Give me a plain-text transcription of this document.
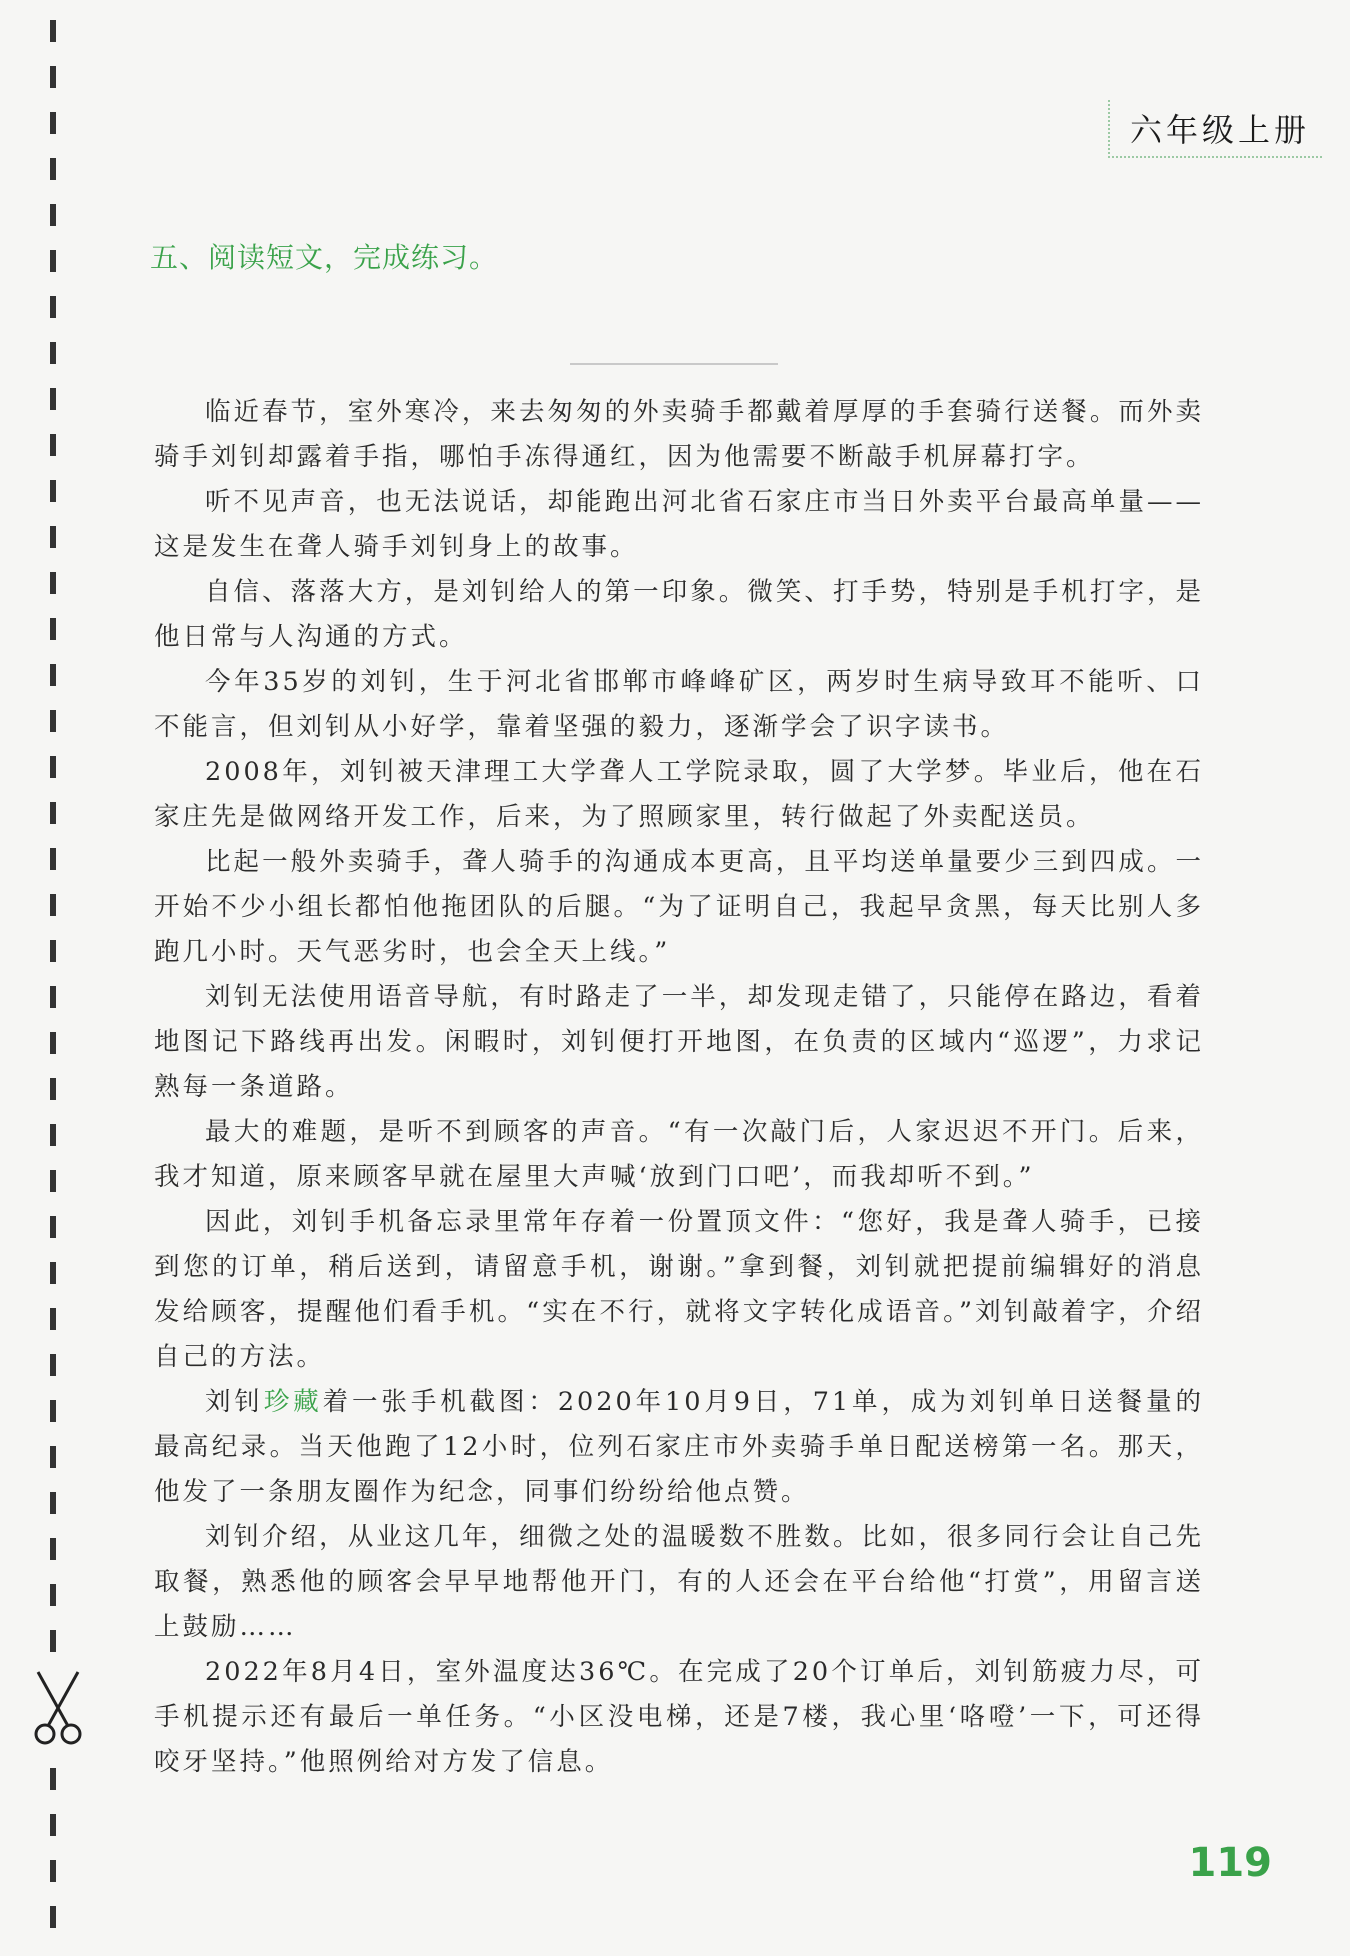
六年级上册
五、阅读短文，完成练习。

临近春节，室外寒冷，来去匆匆的外卖骑手都戴着厚厚的手套骑行送餐。而外卖骑手刘钊却露着手指，哪怕手冻得通红，因为他需要不断敲手机屏幕打字。

听不见声音，也无法说话，却能跑出河北省石家庄市当日外卖平台最高单量——这是发生在聋人骑手刘钊身上的故事。

自信、落落大方，是刘钊给人的第一印象。微笑、打手势，特别是手机打字，是他日常与人沟通的方式。

今年35岁的刘钊，生于河北省邯郸市峰峰矿区，两岁时生病导致耳不能听、口不能言，但刘钊从小好学，靠着坚强的毅力，逐渐学会了识字读书。

2008年，刘钊被天津理工大学聋人工学院录取，圆了大学梦。毕业后，他在石家庄先是做网络开发工作，后来，为了照顾家里，转行做起了外卖配送员。

比起一般外卖骑手，聋人骑手的沟通成本更高，且平均送单量要少三到四成。一开始不少小组长都怕他拖团队的后腿。“为了证明自己，我起早贪黑，每天比别人多跑几小时。天气恶劣时，也会全天上线。”

刘钊无法使用语音导航，有时路走了一半，却发现走错了，只能停在路边，看着地图记下路线再出发。闲暇时，刘钊便打开地图，在负责的区域内“巡逻”，力求记熟每一条道路。

最大的难题，是听不到顾客的声音。“有一次敲门后，人家迟迟不开门。后来，我才知道，原来顾客早就在屋里大声喊‘放到门口吧’，而我却听不到。”

因此，刘钊手机备忘录里常年存着一份置顶文件：“您好，我是聋人骑手，已接到您的订单，稍后送到，请留意手机，谢谢。”拿到餐，刘钊就把提前编辑好的消息发给顾客，提醒他们看手机。“实在不行，就将文字转化成语音。”刘钊敲着字，介绍自己的方法。

刘钊珍藏着一张手机截图：2020年10月9日，71单，成为刘钊单日送餐量的最高纪录。当天他跑了12小时，位列石家庄市外卖骑手单日配送榜第一名。那天，他发了一条朋友圈作为纪念，同事们纷纷给他点赞。

刘钊介绍，从业这几年，细微之处的温暖数不胜数。比如，很多同行会让自己先取餐，熟悉他的顾客会早早地帮他开门，有的人还会在平台给他“打赏”，用留言送上鼓励……

2022年8月4日，室外温度达36℃。在完成了20个订单后，刘钊筋疲力尽，可手机提示还有最后一单任务。“小区没电梯，还是7楼，我心里‘咯噔’一下，可还得咬牙坚持。”他照例给对方发了信息。

119
